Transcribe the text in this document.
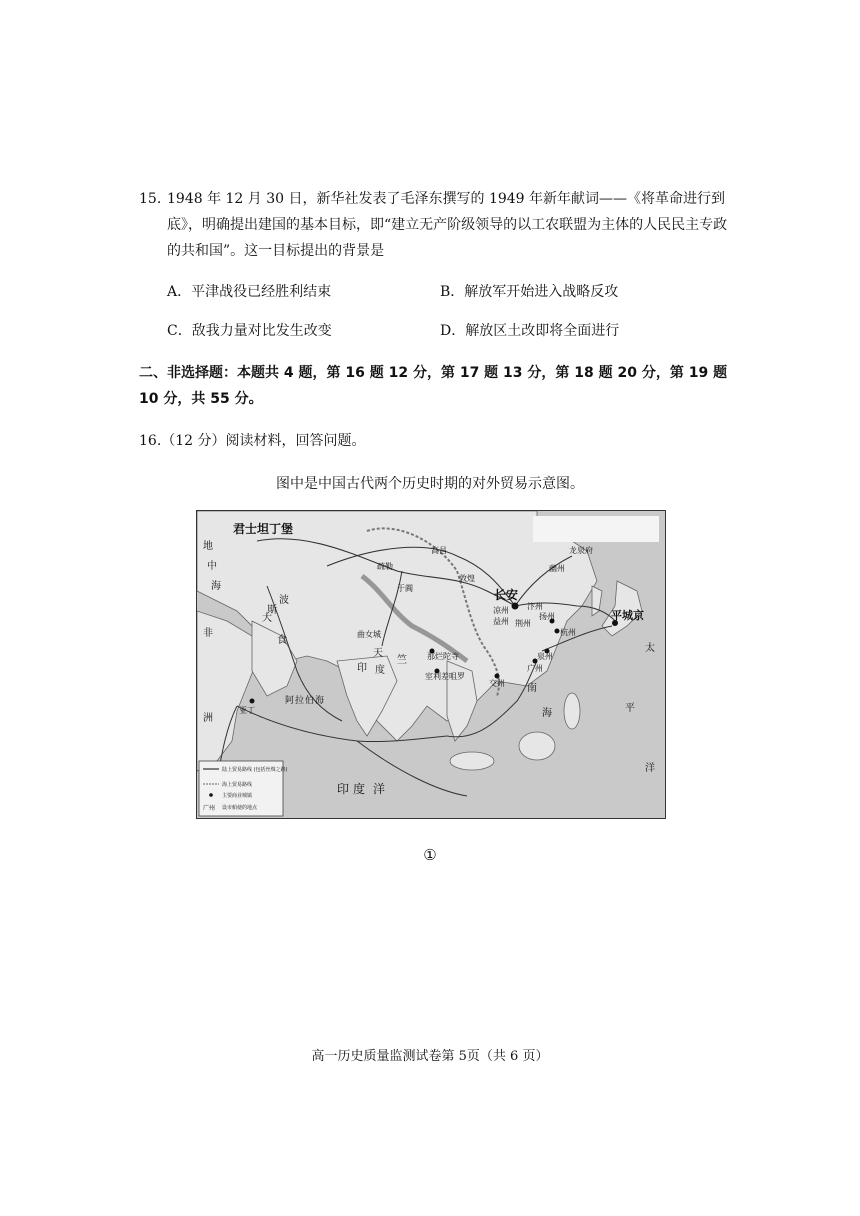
15. 1948 年 12 月 30 日，新华社发表了毛泽东撰写的 1949 年新年献词——《将革命进行到底》，明确提出建国的基本目标，即“建立无产阶级领导的以工农联盟为主体的人民民主专政的共和国”。这一目标提出的背景是
A．平津战役已经胜利结束	B．解放军开始进入战略反攻
C．敌我力量对比发生改变	D．解放区土改即将全面进行
二、非选择题：本题共 4 题，第 16 题 12 分，第 17 题 13 分，第 18 题 20 分，第 19 题 10 分，共 55 分。
16.（12 分）阅读材料，回答问题。
图中是中国古代两个历史时期的对外贸易示意图。
君士坦丁堡
长安
平城京
高昌
疏勒
于阗
敦煌
曲女城
那烂陀寺
室利差咀罗
亚丁
交州
广州
泉州
扬州
杭州
幽州
龙泉府
凉州
益州 荆州
汴州
地
中
海
非
洲
天
竺
印 度
太
平
洋
南
海
大
食
波
斯
阿 拉 伯 海
印 度 洋
陆上贸易路线 (包括丝绸之路)
海上贸易路线
主要商业城镇
广州 设市舶使的地点
①
高一历史质量监测试卷第 5页（共 6 页）
